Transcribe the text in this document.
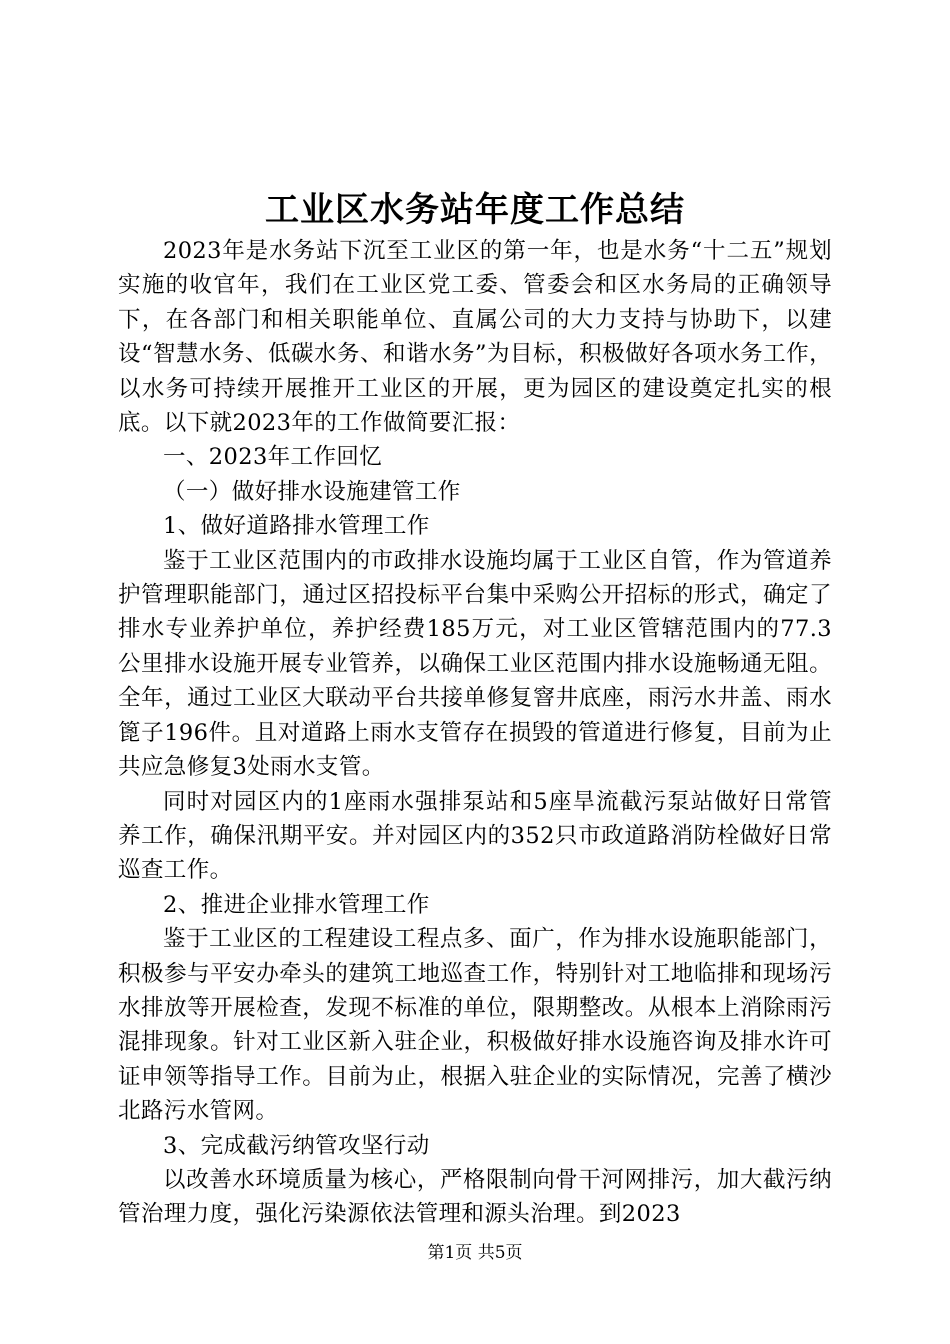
工业区水务站年度工作总结

2023年是水务站下沉至工业区的第一年，也是水务“十二五”规划实施的收官年，我们在工业区党工委、管委会和区水务局的正确领导下，在各部门和相关职能单位、直属公司的大力支持与协助下，以建设“智慧水务、低碳水务、和谐水务”为目标，积极做好各项水务工作，以水务可持续开展推开工业区的开展，更为园区的建设奠定扎实的根底。以下就2023年的工作做简要汇报：

一、2023年工作回忆

（一）做好排水设施建管工作

1、做好道路排水管理工作

鉴于工业区范围内的市政排水设施均属于工业区自管，作为管道养护管理职能部门，通过区招投标平台集中采购公开招标的形式，确定了排水专业养护单位，养护经费185万元，对工业区管辖范围内的77.3公里排水设施开展专业管养，以确保工业区范围内排水设施畅通无阻。全年，通过工业区大联动平台共接单修复窨井底座，雨污水井盖、雨水篦子196件。且对道路上雨水支管存在损毁的管道进行修复，目前为止共应急修复3处雨水支管。

同时对园区内的1座雨水强排泵站和5座旱流截污泵站做好日常管养工作，确保汛期平安。并对园区内的352只市政道路消防栓做好日常巡查工作。

2、推进企业排水管理工作

鉴于工业区的工程建设工程点多、面广，作为排水设施职能部门，积极参与平安办牵头的建筑工地巡查工作，特别针对工地临排和现场污水排放等开展检查，发现不标准的单位，限期整改。从根本上消除雨污混排现象。针对工业区新入驻企业，积极做好排水设施咨询及排水许可证申领等指导工作。目前为止，根据入驻企业的实际情况，完善了横沙北路污水管网。

3、完成截污纳管攻坚行动

以改善水环境质量为核心，严格限制向骨干河网排污，加大截污纳管治理力度，强化污染源依法管理和源头治理。到2023

第1页 共5页
